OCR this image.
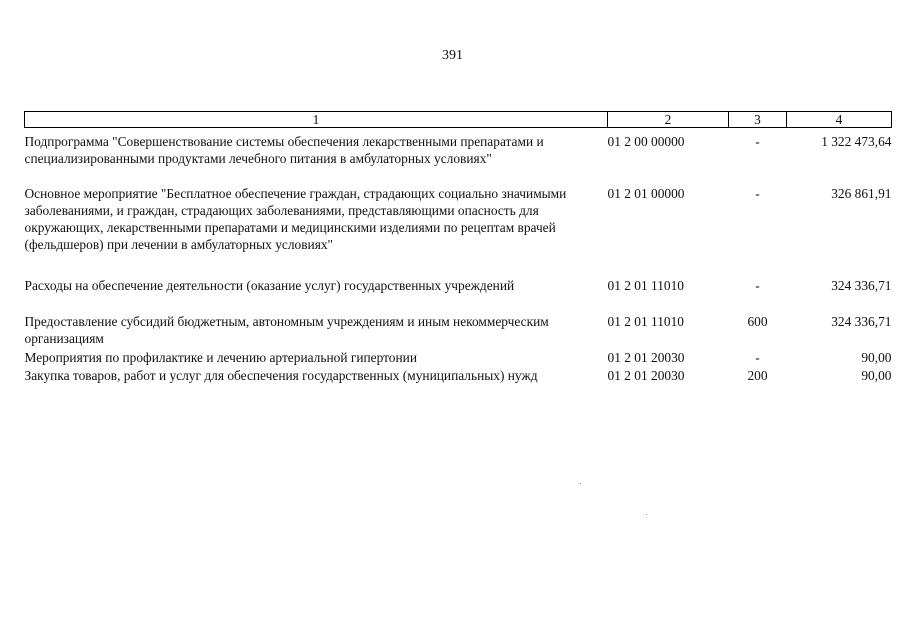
391
1	2	3	4
Подпрограмма "Совершенствование системы обеспечения лекарственными препаратами и специализированными продуктами лечебного питания в амбулаторных условиях"	01 2 00 00000	-	1 322 473,64
Основное мероприятие "Бесплатное обеспечение граждан, страдающих социально значимыми заболеваниями, и граждан, страдающих заболеваниями, представляющими опасность для окружающих, лекарственными препаратами и медицинскими изделиями по рецептам врачей (фельдшеров) при лечении в амбулаторных условиях"	01 2 01 00000	-	326 861,91
Расходы на обеспечение деятельности (оказание услуг) государственных учреждений	01 2 01 11010	-	324 336,71
Предоставление субсидий бюджетным, автономным учреждениям и иным некоммерческим организациям	01 2 01 11010	600	324 336,71
Мероприятия по профилактике и лечению артериальной гипертонии	01 2 01 20030	-	90,00
Закупка товаров, работ и услуг для обеспечения государственных (муниципальных) нужд	01 2 01 20030	200	90,00
